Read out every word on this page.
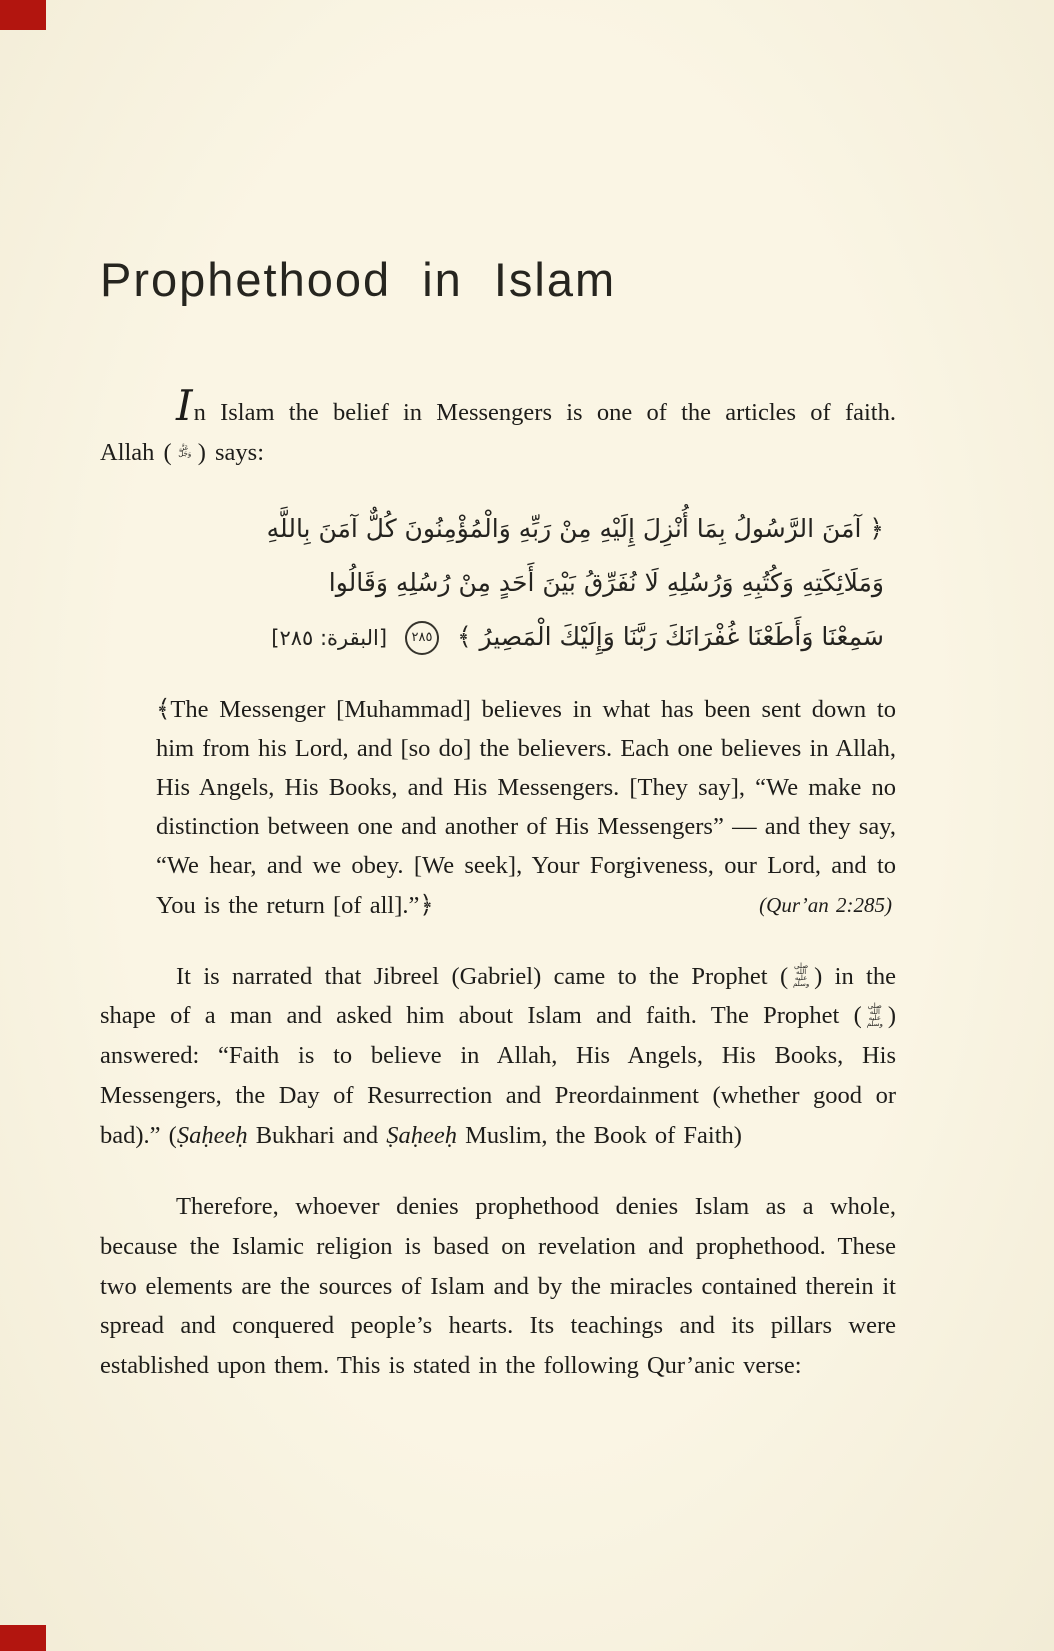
Prophethood in Islam

In Islam the belief in Messengers is one of the articles of faith. Allah ( عَزَّ وَجَلَّ ) says:

﴿ آمَنَ الرَّسُولُ بِمَا أُنْزِلَ إِلَيْهِ مِنْ رَبِّهِ وَالْمُؤْمِنُونَ كُلٌّ آمَنَ بِاللَّهِ
وَمَلَائِكَتِهِ وَكُتُبِهِ وَرُسُلِهِ لَا نُفَرِّقُ بَيْنَ أَحَدٍ مِنْ رُسُلِهِ وَقَالُوا
سَمِعْنَا وَأَطَعْنَا غُفْرَانَكَ رَبَّنَا وَإِلَيْكَ الْمَصِيرُ ﴾ ٢٨٥ [البقرة: ٢٨٥]
﴾The Messenger [Muhammad] believes in what has been sent down to him from his Lord, and [so do] the believers. Each one believes in Allah, His Angels, His Books, and His Messengers. [They say], “We make no distinction between one and another of His Messengers” — and they say, “We hear, and we obey. [We seek], Your Forgiveness, our Lord, and to You is the return [of all].”﴿	(Qur’an 2:285)

It is narrated that Jibreel (Gabriel) came to the Prophet ( صلى الله عليه وسلم ) in the shape of a man and asked him about Islam and faith. The Prophet ( صلى الله عليه وسلم ) answered: “Faith is to believe in Allah, His Angels, His Books, His Messengers, the Day of Resurrection and Preordainment (whether good or bad).” (Ṣaḥeeḥ Bukhari and Ṣaḥeeḥ Muslim, the Book of Faith)

Therefore, whoever denies prophethood denies Islam as a whole, because the Islamic religion is based on revelation and prophethood. These two elements are the sources of Islam and by the miracles contained therein it spread and conquered people’s hearts. Its teachings and its pillars were established upon them. This is stated in the following Qur’anic verse:
